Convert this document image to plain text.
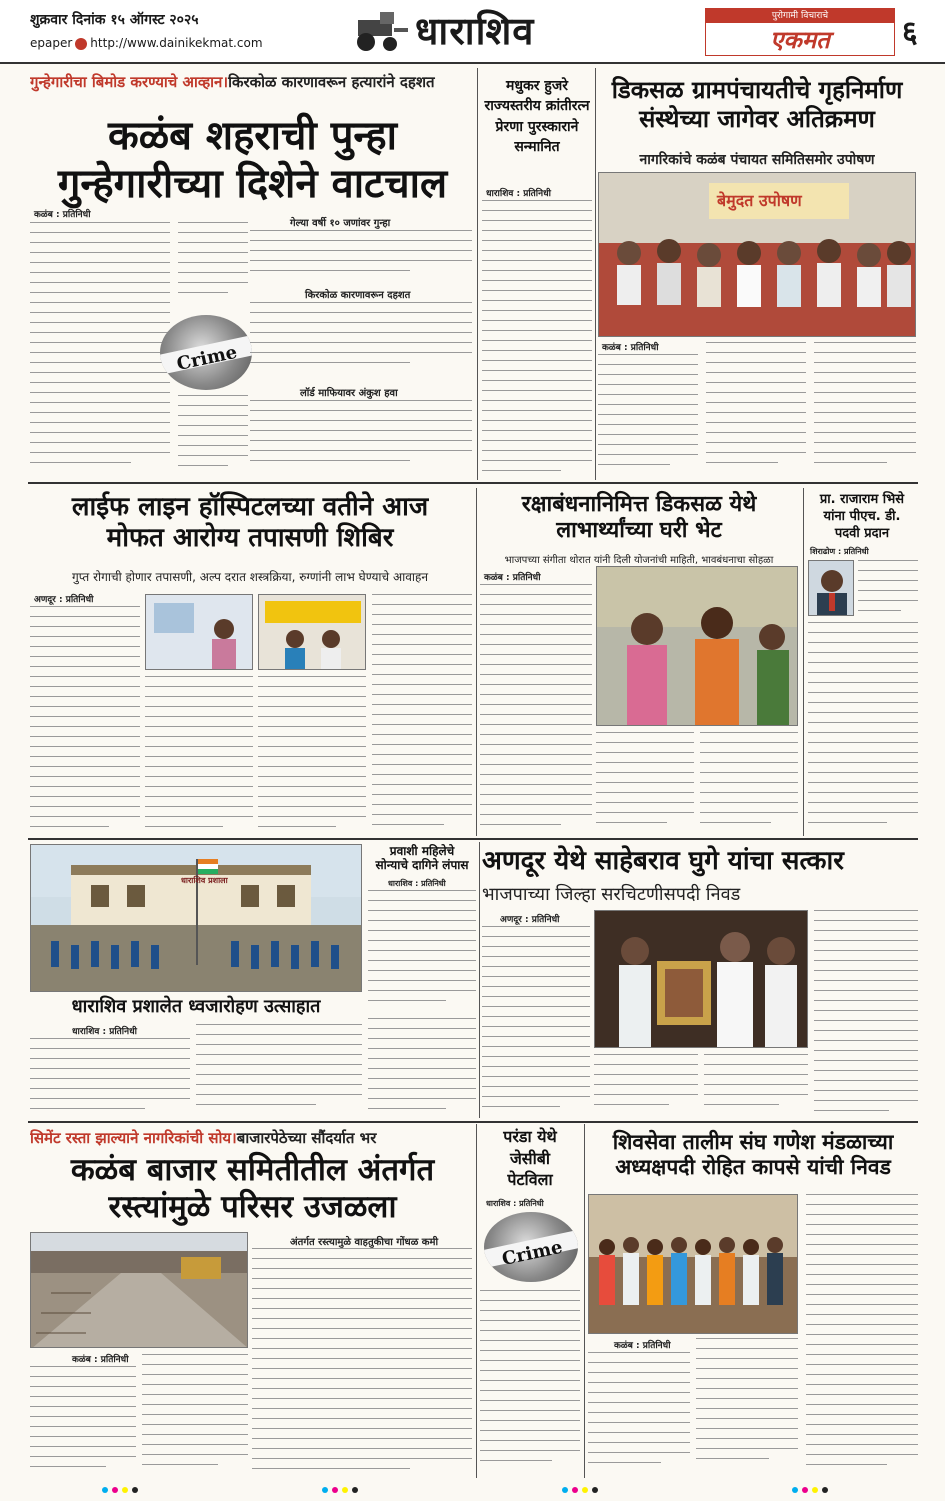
शुक्रवार दिनांक १५ ऑगस्ट २०२५
epaper http://www.dainikekmat.com	धाराशिव	पुरोगामी विचाराचे
एकमत	६
गुन्हेगारीचा बिमोड करण्याचे आव्हान।किरकोळ कारणावरून हत्यारांने दहशत
कळंब शहराची पुन्हा
गुन्हेगारीच्या दिशेने वाटचाल
कळंब : प्रतिनिधी
Crime
गेल्या वर्षी १० जणांवर गुन्हा
किरकोळ कारणावरून दहशत
लॉर्ड माफियावर अंकुश हवा
मधुकर हुजरे राज्यस्तरीय क्रांतीरत्न प्रेरणा पुरस्काराने सन्मानित
धाराशिव : प्रतिनिधी
डिकसळ ग्रामपंचायतीचे गृहनिर्माण
संस्थेच्या जागेवर अतिक्रमण
नागरिकांचे कळंब पंचायत समितिसमोर उपोषण
बेमुदत उपोषण
कळंब : प्रतिनिधी
लाईफ लाइन हॉस्पिटलच्या वतीने आज
मोफत आरोग्य तपासणी शिबिर
गुप्त रोगाची होणार तपासणी, अल्प दरात शस्त्रक्रिया, रुग्णांनी लाभ घेण्याचे आवाहन
अणदूर : प्रतिनिधी
रक्षाबंधनानिमित्त डिकसळ येथे
लाभार्थ्यांच्या घरी भेट
भाजपच्या संगीता थोरात यांनी दिली योजनांची माहिती, भावबंधनाचा सोहळा
कळंब : प्रतिनिधी
प्रा. राजाराम भिसे
यांना पीएच. डी.
पदवी प्रदान
शिराढोण : प्रतिनिधी
प्रवाशी महिलेचे
सोन्याचे दागिने लंपास
धाराशिव : प्रतिनिधी
धाराशिव प्रशाला
धाराशिव प्रशालेत ध्वजारोहण उत्साहात
धाराशिव : प्रतिनिधी
अणदूर येथे साहेबराव घुगे यांचा सत्कार
भाजपाच्या जिल्हा सरचिटणीसपदी निवड
अणदूर : प्रतिनिधी
सिमेंट रस्ता झाल्याने नागरिकांची सोय।बाजारपेठेच्या सौंदर्यात भर
कळंब बाजार समितीतील अंतर्गत
रस्त्यांमुळे परिसर उजळला
कळंब : प्रतिनिधी
अंतर्गत रस्त्यामुळे वाहतुकीचा गोंधळ कमी
परंडा येथे
जेसीबी
पेटविला
धाराशिव : प्रतिनिधी
Crime
शिवसेवा तालीम संघ गणेश मंडळाच्या
अध्यक्षपदी रोहित कापसे यांची निवड
कळंब : प्रतिनिधी
